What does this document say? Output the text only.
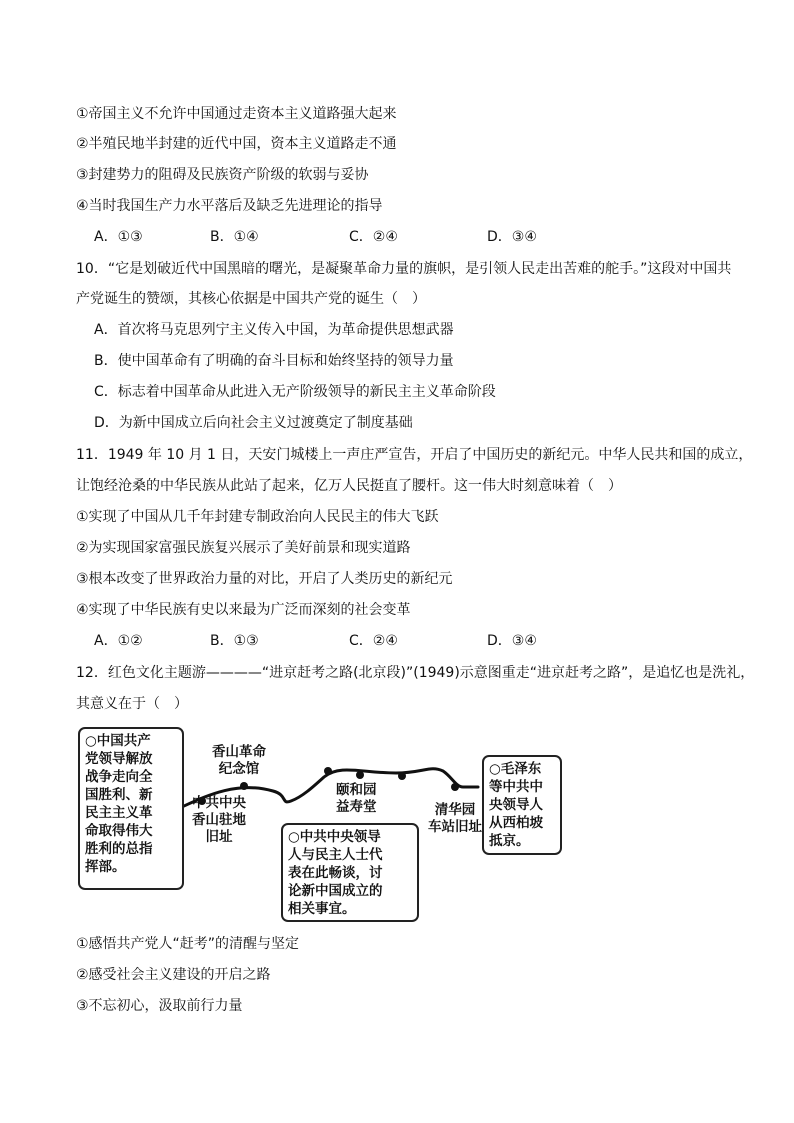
①帝国主义不允许中国通过走资本主义道路强大起来
②半殖民地半封建的近代中国，资本主义道路走不通
③封建势力的阻碍及民族资产阶级的软弱与妥协
④当时我国生产力水平落后及缺乏先进理论的指导
A．①③	B．①④	C．②④	D．③④
10．“它是划破近代中国黑暗的曙光，是凝聚革命力量的旗帜，是引领人民走出苦难的舵手。”这段对中国共
产党诞生的赞颂，其核心依据是中国共产党的诞生（　）
A．首次将马克思列宁主义传入中国，为革命提供思想武器
B．使中国革命有了明确的奋斗目标和始终坚持的领导力量
C．标志着中国革命从此进入无产阶级领导的新民主主义革命阶段
D．为新中国成立后向社会主义过渡奠定了制度基础
11．1949 年 10 月 1 日，天安门城楼上一声庄严宣告，开启了中国历史的新纪元。中华人民共和国的成立，
让饱经沧桑的中华民族从此站了起来，亿万人民挺直了腰杆。这一伟大时刻意味着（　）
①实现了中国从几千年封建专制政治向人民民主的伟大飞跃
②为实现国家富强民族复兴展示了美好前景和现实道路
③根本改变了世界政治力量的对比，开启了人类历史的新纪元
④实现了中华民族有史以来最为广泛而深刻的社会变革
A．①②	B．①③	C．②④	D．③④
12．红色文化主题游————“进京赶考之路(北京段)”(1949)示意图重走“进京赶考之路”，是追忆也是洗礼，
其意义在于（　）
○中国共产
党领导解放
战争走向全
国胜利、新
民主主义革
命取得伟大
胜利的总指
挥部。
香山革命
纪念馆
中共中央
香山驻地
旧址
颐和园
益寿堂	清华园
车站旧址
○毛泽东
等中共中
央领导人
从西柏坡
抵京。
○中共中央领导
人与民主人士代
表在此畅谈，讨
论新中国成立的
相关事宜。
①感悟共产党人“赶考”的清醒与坚定
②感受社会主义建设的开启之路
③不忘初心，汲取前行力量
